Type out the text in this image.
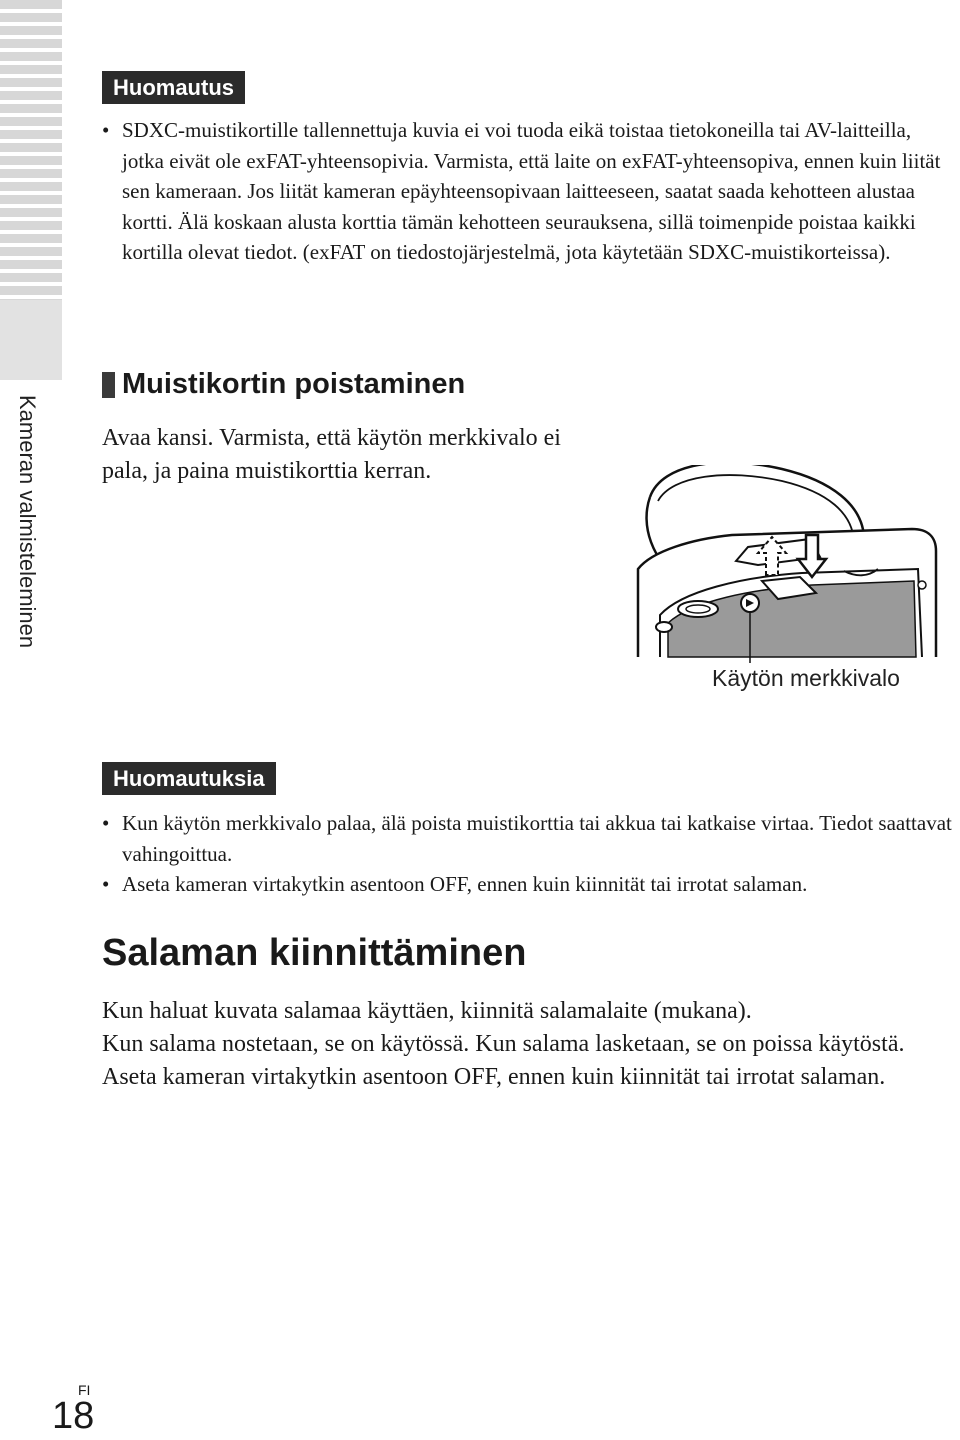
Kameran valmisteleminen
Huomautus
• SDXC-muistikortille tallennettuja kuvia ei voi tuoda eikä toistaa tietokoneilla tai AV-laitteilla, jotka eivät ole exFAT-yhteensopivia. Varmista, että laite on exFAT-yhteensopiva, ennen kuin liität sen kameraan. Jos liität kameran epäyhteensopivaan laitteeseen, saatat saada kehotteen alustaa kortti. Älä koskaan alusta korttia tämän kehotteen seurauksena, sillä toimenpide poistaa kaikki kortilla olevat tiedot. (exFAT on tiedostojärjestelmä, jota käytetään SDXC-muistikorteissa).
Muistikortin poistaminen
Avaa kansi. Varmista, että käytön merkkivalo ei pala, ja paina muistikorttia kerran.
Käytön merkkivalo
Huomautuksia
• Kun käytön merkkivalo palaa, älä poista muistikorttia tai akkua tai katkaise virtaa. Tiedot saattavat vahingoittua.
• Aseta kameran virtakytkin asentoon OFF, ennen kuin kiinnität tai irrotat salaman.
Salaman kiinnittäminen

Kun haluat kuvata salamaa käyttäen, kiinnitä salamalaite (mukana).

Kun salama nostetaan, se on käytössä. Kun salama lasketaan, se on poissa käytöstä.

Aseta kameran virtakytkin asentoon OFF, ennen kuin kiinnität tai irrotat salaman.

FI
18
